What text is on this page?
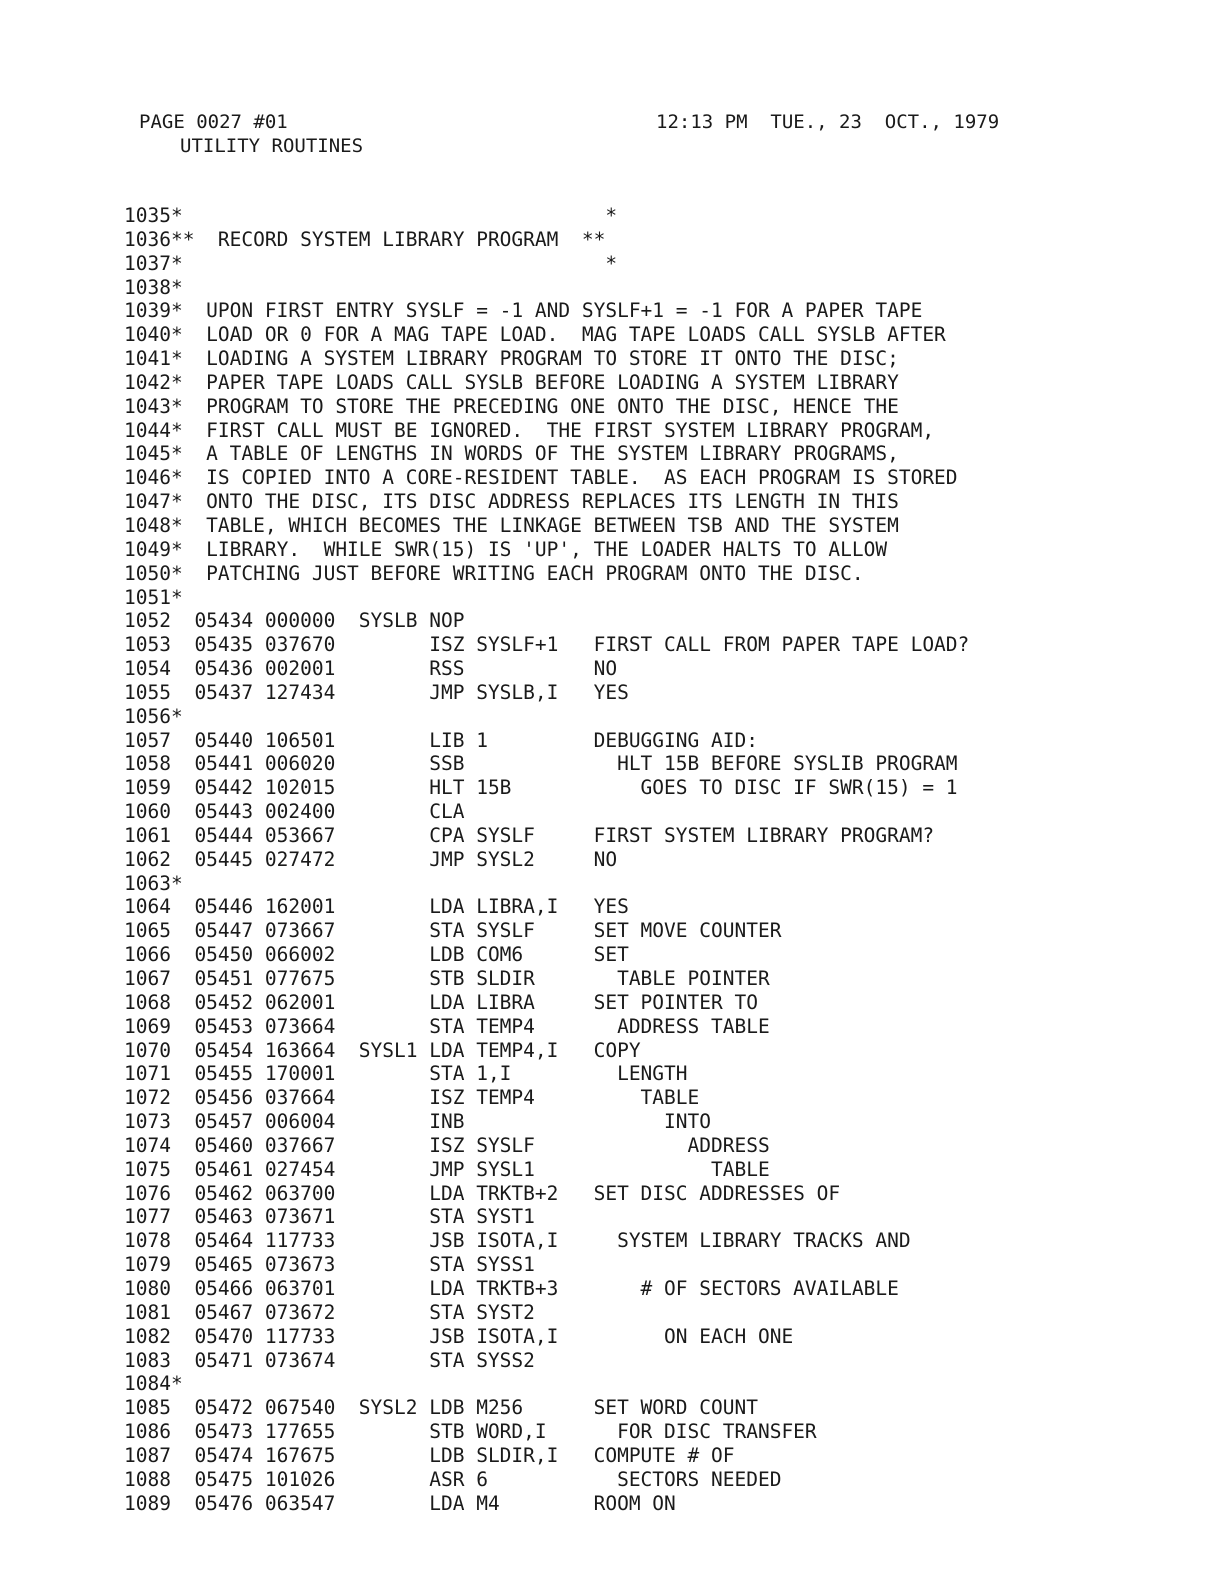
PAGE 0027 #01	12:13 PM  TUE., 23  OCT., 1979
UTILITY ROUTINES
1035*                                    *
1036**  RECORD SYSTEM LIBRARY PROGRAM  **
1037*                                    *
1038*
1039*  UPON FIRST ENTRY SYSLF = -1 AND SYSLF+1 = -1 FOR A PAPER TAPE
1040*  LOAD OR 0 FOR A MAG TAPE LOAD.  MAG TAPE LOADS CALL SYSLB AFTER
1041*  LOADING A SYSTEM LIBRARY PROGRAM TO STORE IT ONTO THE DISC;
1042*  PAPER TAPE LOADS CALL SYSLB BEFORE LOADING A SYSTEM LIBRARY
1043*  PROGRAM TO STORE THE PRECEDING ONE ONTO THE DISC, HENCE THE
1044*  FIRST CALL MUST BE IGNORED.  THE FIRST SYSTEM LIBRARY PROGRAM,
1045*  A TABLE OF LENGTHS IN WORDS OF THE SYSTEM LIBRARY PROGRAMS,
1046*  IS COPIED INTO A CORE-RESIDENT TABLE.  AS EACH PROGRAM IS STORED
1047*  ONTO THE DISC, ITS DISC ADDRESS REPLACES ITS LENGTH IN THIS
1048*  TABLE, WHICH BECOMES THE LINKAGE BETWEEN TSB AND THE SYSTEM
1049*  LIBRARY.  WHILE SWR(15) IS 'UP', THE LOADER HALTS TO ALLOW
1050*  PATCHING JUST BEFORE WRITING EACH PROGRAM ONTO THE DISC.
1051*
1052  05434 000000  SYSLB NOP
1053  05435 037670        ISZ SYSLF+1   FIRST CALL FROM PAPER TAPE LOAD?
1054  05436 002001        RSS           NO
1055  05437 127434        JMP SYSLB,I   YES
1056*
1057  05440 106501        LIB 1         DEBUGGING AID:
1058  05441 006020        SSB             HLT 15B BEFORE SYSLIB PROGRAM
1059  05442 102015        HLT 15B           GOES TO DISC IF SWR(15) = 1
1060  05443 002400        CLA
1061  05444 053667        CPA SYSLF     FIRST SYSTEM LIBRARY PROGRAM?
1062  05445 027472        JMP SYSL2     NO
1063*
1064  05446 162001        LDA LIBRA,I   YES
1065  05447 073667        STA SYSLF     SET MOVE COUNTER
1066  05450 066002        LDB COM6      SET
1067  05451 077675        STB SLDIR       TABLE POINTER
1068  05452 062001        LDA LIBRA     SET POINTER TO
1069  05453 073664        STA TEMP4       ADDRESS TABLE
1070  05454 163664  SYSL1 LDA TEMP4,I   COPY
1071  05455 170001        STA 1,I         LENGTH
1072  05456 037664        ISZ TEMP4         TABLE
1073  05457 006004        INB                 INTO
1074  05460 037667        ISZ SYSLF             ADDRESS
1075  05461 027454        JMP SYSL1               TABLE
1076  05462 063700        LDA TRKTB+2   SET DISC ADDRESSES OF
1077  05463 073671        STA SYST1
1078  05464 117733        JSB ISOTA,I     SYSTEM LIBRARY TRACKS AND
1079  05465 073673        STA SYSS1
1080  05466 063701        LDA TRKTB+3       # OF SECTORS AVAILABLE
1081  05467 073672        STA SYST2
1082  05470 117733        JSB ISOTA,I         ON EACH ONE
1083  05471 073674        STA SYSS2
1084*
1085  05472 067540  SYSL2 LDB M256      SET WORD COUNT
1086  05473 177655        STB WORD,I      FOR DISC TRANSFER
1087  05474 167675        LDB SLDIR,I   COMPUTE # OF
1088  05475 101026        ASR 6           SECTORS NEEDED
1089  05476 063547        LDA M4        ROOM ON
